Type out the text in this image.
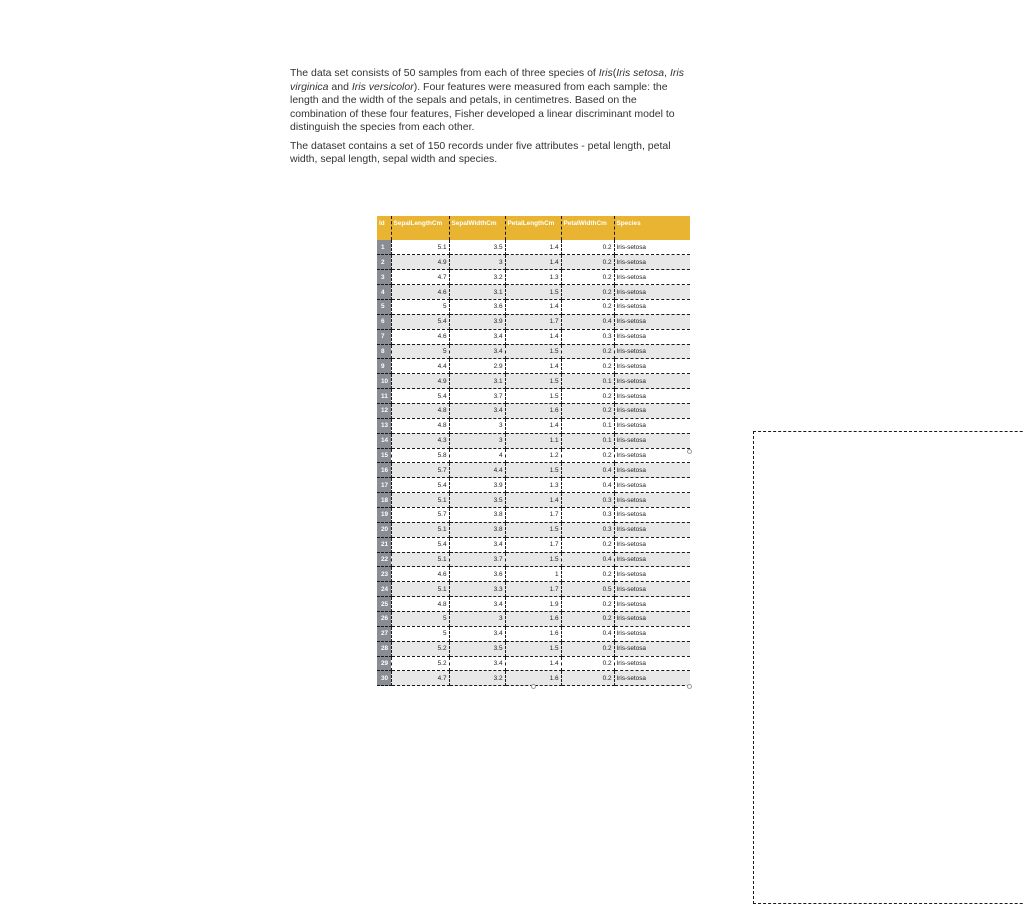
The data set consists of 50 samples from each of three species of Iris(Iris setosa, Iris virginica and Iris versicolor). Four features were measured from each sample: the length and the width of the sepals and petals, in centimetres. Based on the combination of these four features, Fisher developed a linear discriminant model to distinguish the species from each other.

The dataset contains a set of 150 records under five attributes - petal length, petal width, sepal length, sepal width and species.

Id	SepalLengthCm	SepalWidthCm	PetalLengthCm	PetalWidthCm	Species
1	5.1	3.5	1.4	0.2	Iris-setosa
2	4.9	3	1.4	0.2	Iris-setosa
3	4.7	3.2	1.3	0.2	Iris-setosa
4	4.6	3.1	1.5	0.2	Iris-setosa
5	5	3.6	1.4	0.2	Iris-setosa
6	5.4	3.9	1.7	0.4	Iris-setosa
7	4.6	3.4	1.4	0.3	Iris-setosa
8	5	3.4	1.5	0.2	Iris-setosa
9	4.4	2.9	1.4	0.2	Iris-setosa
10	4.9	3.1	1.5	0.1	Iris-setosa
11	5.4	3.7	1.5	0.2	Iris-setosa
12	4.8	3.4	1.6	0.2	Iris-setosa
13	4.8	3	1.4	0.1	Iris-setosa
14	4.3	3	1.1	0.1	Iris-setosa
15	5.8	4	1.2	0.2	Iris-setosa
16	5.7	4.4	1.5	0.4	Iris-setosa
17	5.4	3.9	1.3	0.4	Iris-setosa
18	5.1	3.5	1.4	0.3	Iris-setosa
19	5.7	3.8	1.7	0.3	Iris-setosa
20	5.1	3.8	1.5	0.3	Iris-setosa
21	5.4	3.4	1.7	0.2	Iris-setosa
22	5.1	3.7	1.5	0.4	Iris-setosa
23	4.6	3.6	1	0.2	Iris-setosa
24	5.1	3.3	1.7	0.5	Iris-setosa
25	4.8	3.4	1.9	0.2	Iris-setosa
26	5	3	1.6	0.2	Iris-setosa
27	5	3.4	1.6	0.4	Iris-setosa
28	5.2	3.5	1.5	0.2	Iris-setosa
29	5.2	3.4	1.4	0.2	Iris-setosa
30	4.7	3.2	1.6	0.2	Iris-setosa
